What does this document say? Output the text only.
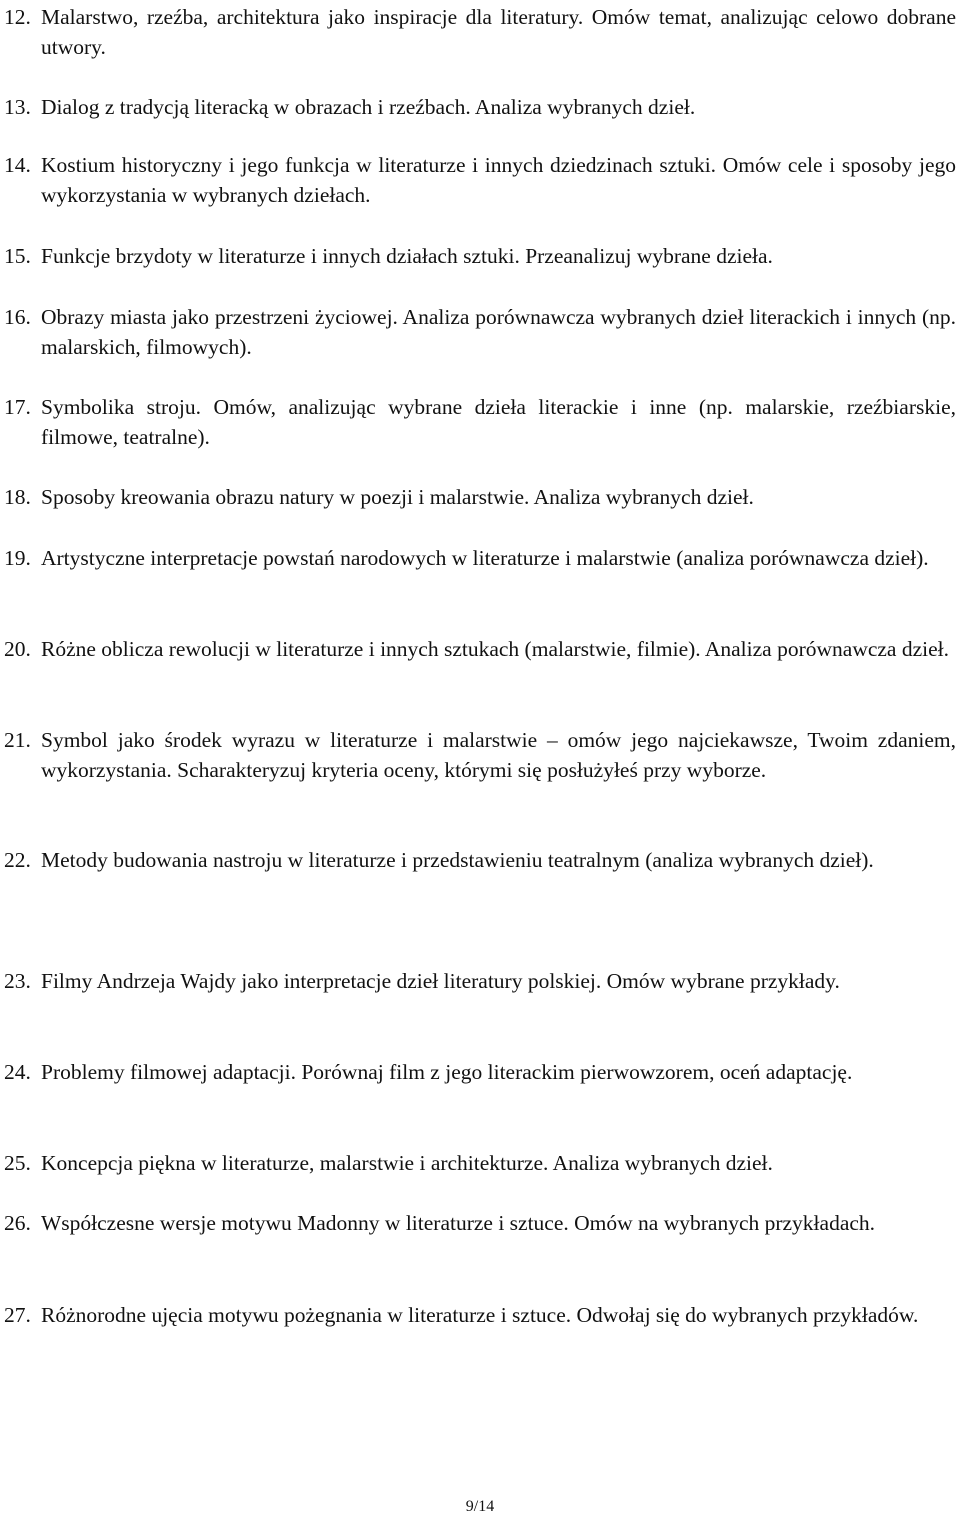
12. Malarstwo, rzeźba, architektura jako inspiracje dla literatury. Omów temat, analizując celowo dobrane utwory.
13. Dialog z tradycją literacką w obrazach i rzeźbach. Analiza wybranych dzieł.
14. Kostium historyczny i jego funkcja w literaturze i innych dziedzinach sztuki. Omów cele i sposoby jego wykorzystania w wybranych dziełach.
15. Funkcje brzydoty w literaturze i innych działach sztuki. Przeanalizuj wybrane dzieła.
16. Obrazy miasta jako przestrzeni życiowej. Analiza porównawcza wybranych dzieł literackich i innych (np. malarskich, filmowych).
17. Symbolika stroju. Omów, analizując wybrane dzieła literackie i inne (np. malarskie, rzeźbiarskie, filmowe, teatralne).
18. Sposoby kreowania obrazu natury w poezji i malarstwie. Analiza wybranych dzieł.
19. Artystyczne interpretacje powstań narodowych w literaturze i malarstwie (analiza porównawcza dzieł).
20. Różne oblicza rewolucji w literaturze i innych sztukach (malarstwie, filmie). Analiza porównawcza dzieł.
21. Symbol jako środek wyrazu w literaturze i malarstwie – omów jego najciekawsze, Twoim zdaniem, wykorzystania. Scharakteryzuj kryteria oceny, którymi się posłużyłeś przy wyborze.
22. Metody budowania nastroju w literaturze i przedstawieniu teatralnym (analiza wybranych dzieł).
23. Filmy Andrzeja Wajdy jako interpretacje dzieł literatury polskiej. Omów wybrane przykłady.
24. Problemy filmowej adaptacji. Porównaj film z jego literackim pierwowzorem, oceń adaptację.
25. Koncepcja piękna w literaturze, malarstwie i architekturze. Analiza wybranych dzieł.
26. Współczesne wersje motywu Madonny w literaturze i sztuce. Omów na wybranych przykładach.
27. Różnorodne ujęcia motywu pożegnania w literaturze i sztuce. Odwołaj się do wybranych przykładów.
9/14
